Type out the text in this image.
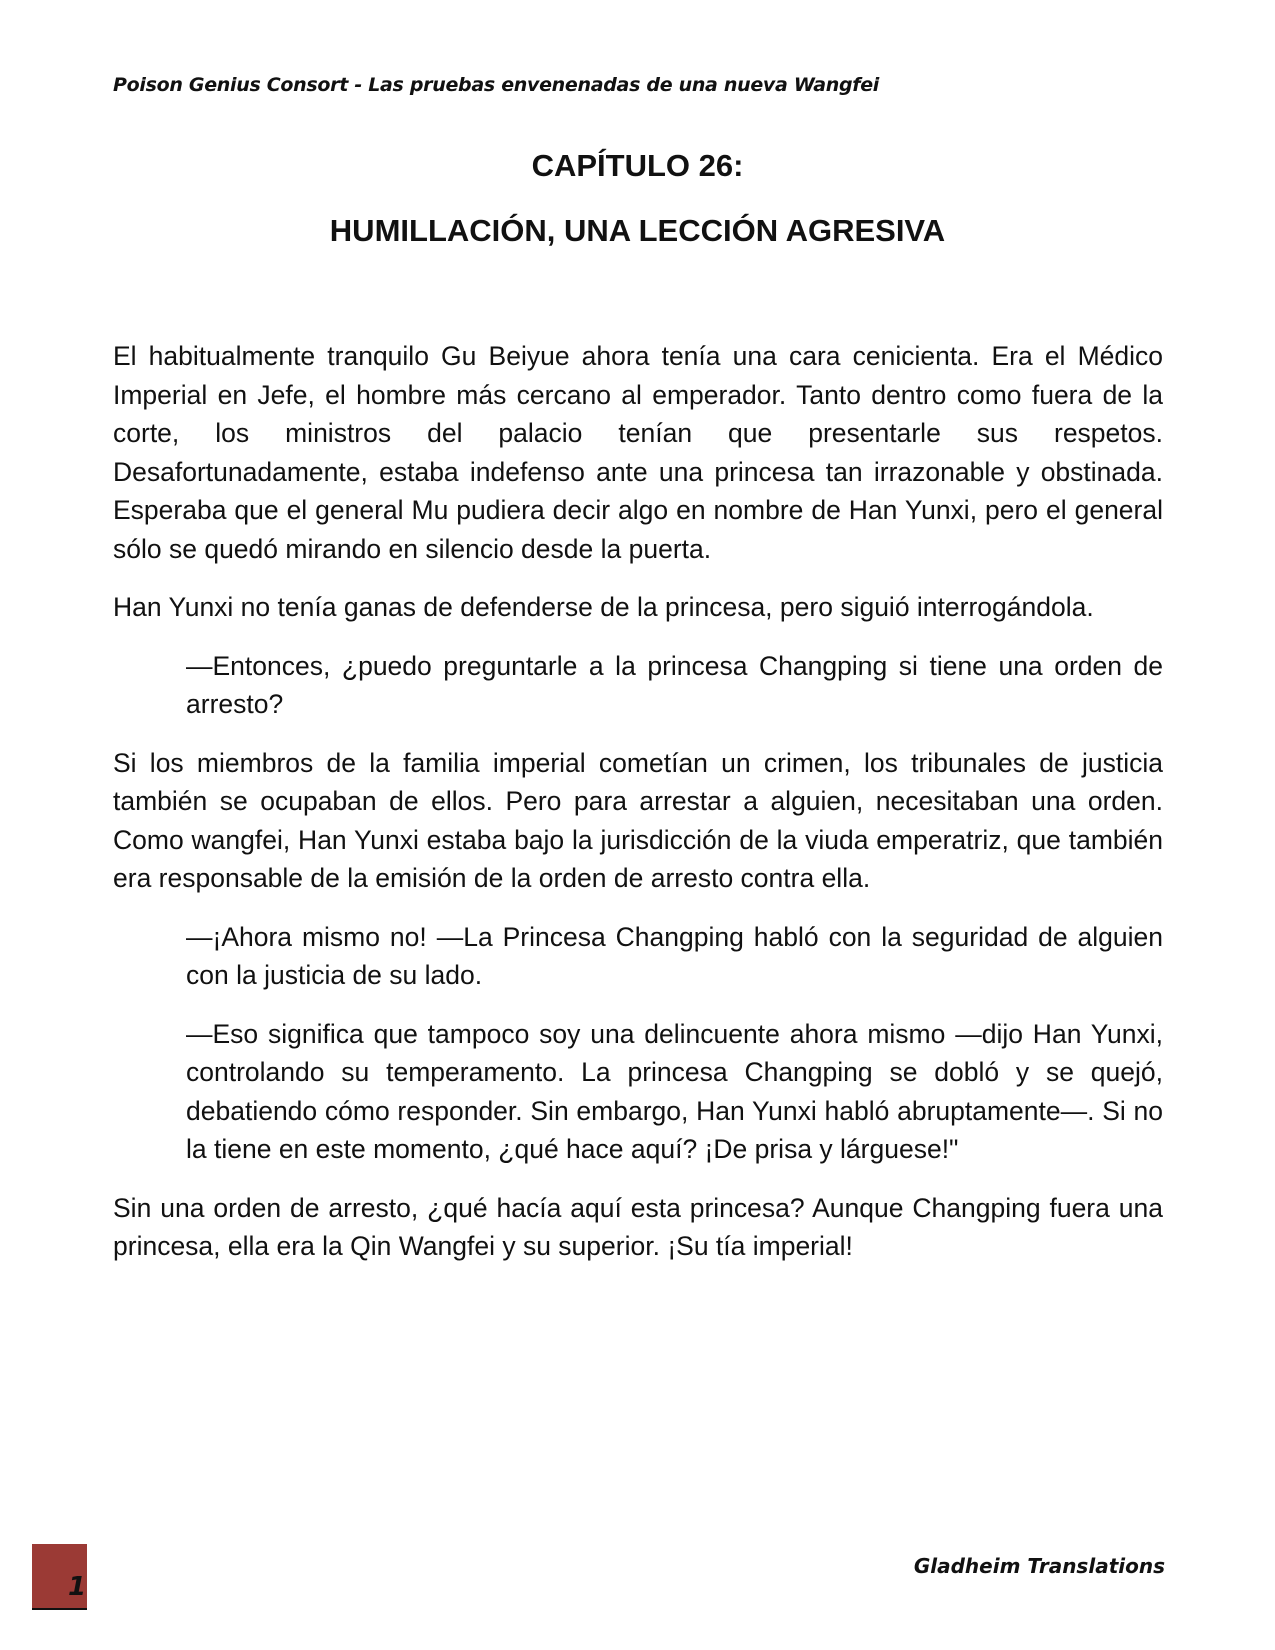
Poison Genius Consort - Las pruebas envenenadas de una nueva Wangfei
CAPÍTULO 26:
HUMILLACIÓN, UNA LECCIÓN AGRESIVA

El habitualmente tranquilo Gu Beiyue ahora tenía una cara cenicienta. Era el Médico Imperial en Jefe, el hombre más cercano al emperador. Tanto dentro como fuera de la corte, los ministros del palacio tenían que presentarle sus respetos. Desafortunadamente, estaba indefenso ante una princesa tan irrazonable y obstinada. Esperaba que el general Mu pudiera decir algo en nombre de Han Yunxi, pero el general sólo se quedó mirando en silencio desde la puerta.

Han Yunxi no tenía ganas de defenderse de la princesa, pero siguió interrogándola.

—Entonces, ¿puedo preguntarle a la princesa Changping si tiene una orden de arresto?

Si los miembros de la familia imperial cometían un crimen, los tribunales de justicia también se ocupaban de ellos. Pero para arrestar a alguien, necesitaban una orden. Como wangfei, Han Yunxi estaba bajo la jurisdicción de la viuda emperatriz, que también era responsable de la emisión de la orden de arresto contra ella.

—¡Ahora mismo no! —La Princesa Changping habló con la seguridad de alguien con la justicia de su lado.

—Eso significa que tampoco soy una delincuente ahora mismo —dijo Han Yunxi, controlando su temperamento. La princesa Changping se dobló y se quejó, debatiendo cómo responder. Sin embargo, Han Yunxi habló abruptamente—. Si no la tiene en este momento, ¿qué hace aquí? ¡De prisa y lárguese!"

Sin una orden de arresto, ¿qué hacía aquí esta princesa? Aunque Changping fuera una princesa, ella era la Qin Wangfei y su superior. ¡Su tía imperial!

1
Gladheim Translations
